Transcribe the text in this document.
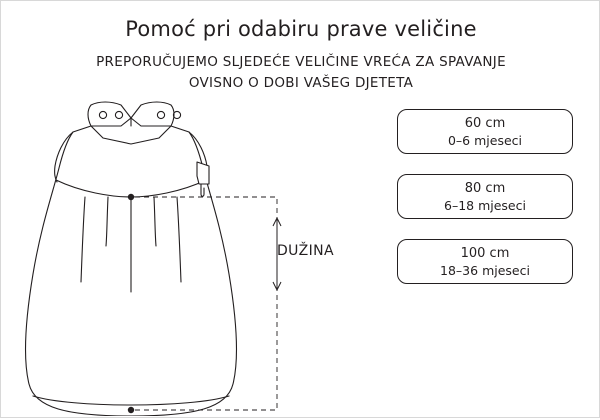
Pomoć pri odabiru prave veličine
PREPORUČUJEMO SLJEDEĆE VELIČINE VREĆA ZA SPAVANJE
OVISNO O DOBI VAŠEG DJETETA
DUŽINA
60 cm
0–6 mjeseci
80 cm
6–18 mjeseci
100 cm
18–36 mjeseci
